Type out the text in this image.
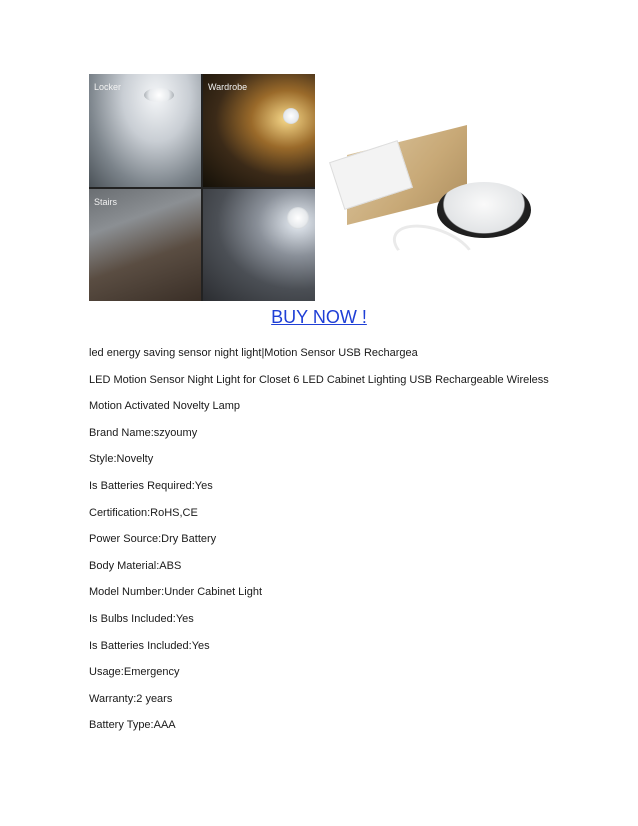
Locker	Wardrobe
Stairs
BUY NOW !
led energy saving sensor night light|Motion Sensor USB Rechargea
LED Motion Sensor Night Light for Closet 6 LED Cabinet Lighting USB Rechargeable Wireless
Motion Activated Novelty Lamp
Brand Name:szyoumy
Style:Novelty
Is Batteries Required:Yes
Certification:RoHS,CE
Power Source:Dry Battery
Body Material:ABS
Model Number:Under Cabinet Light
Is Bulbs Included:Yes
Is Batteries Included:Yes
Usage:Emergency
Warranty:2 years
Battery Type:AAA
